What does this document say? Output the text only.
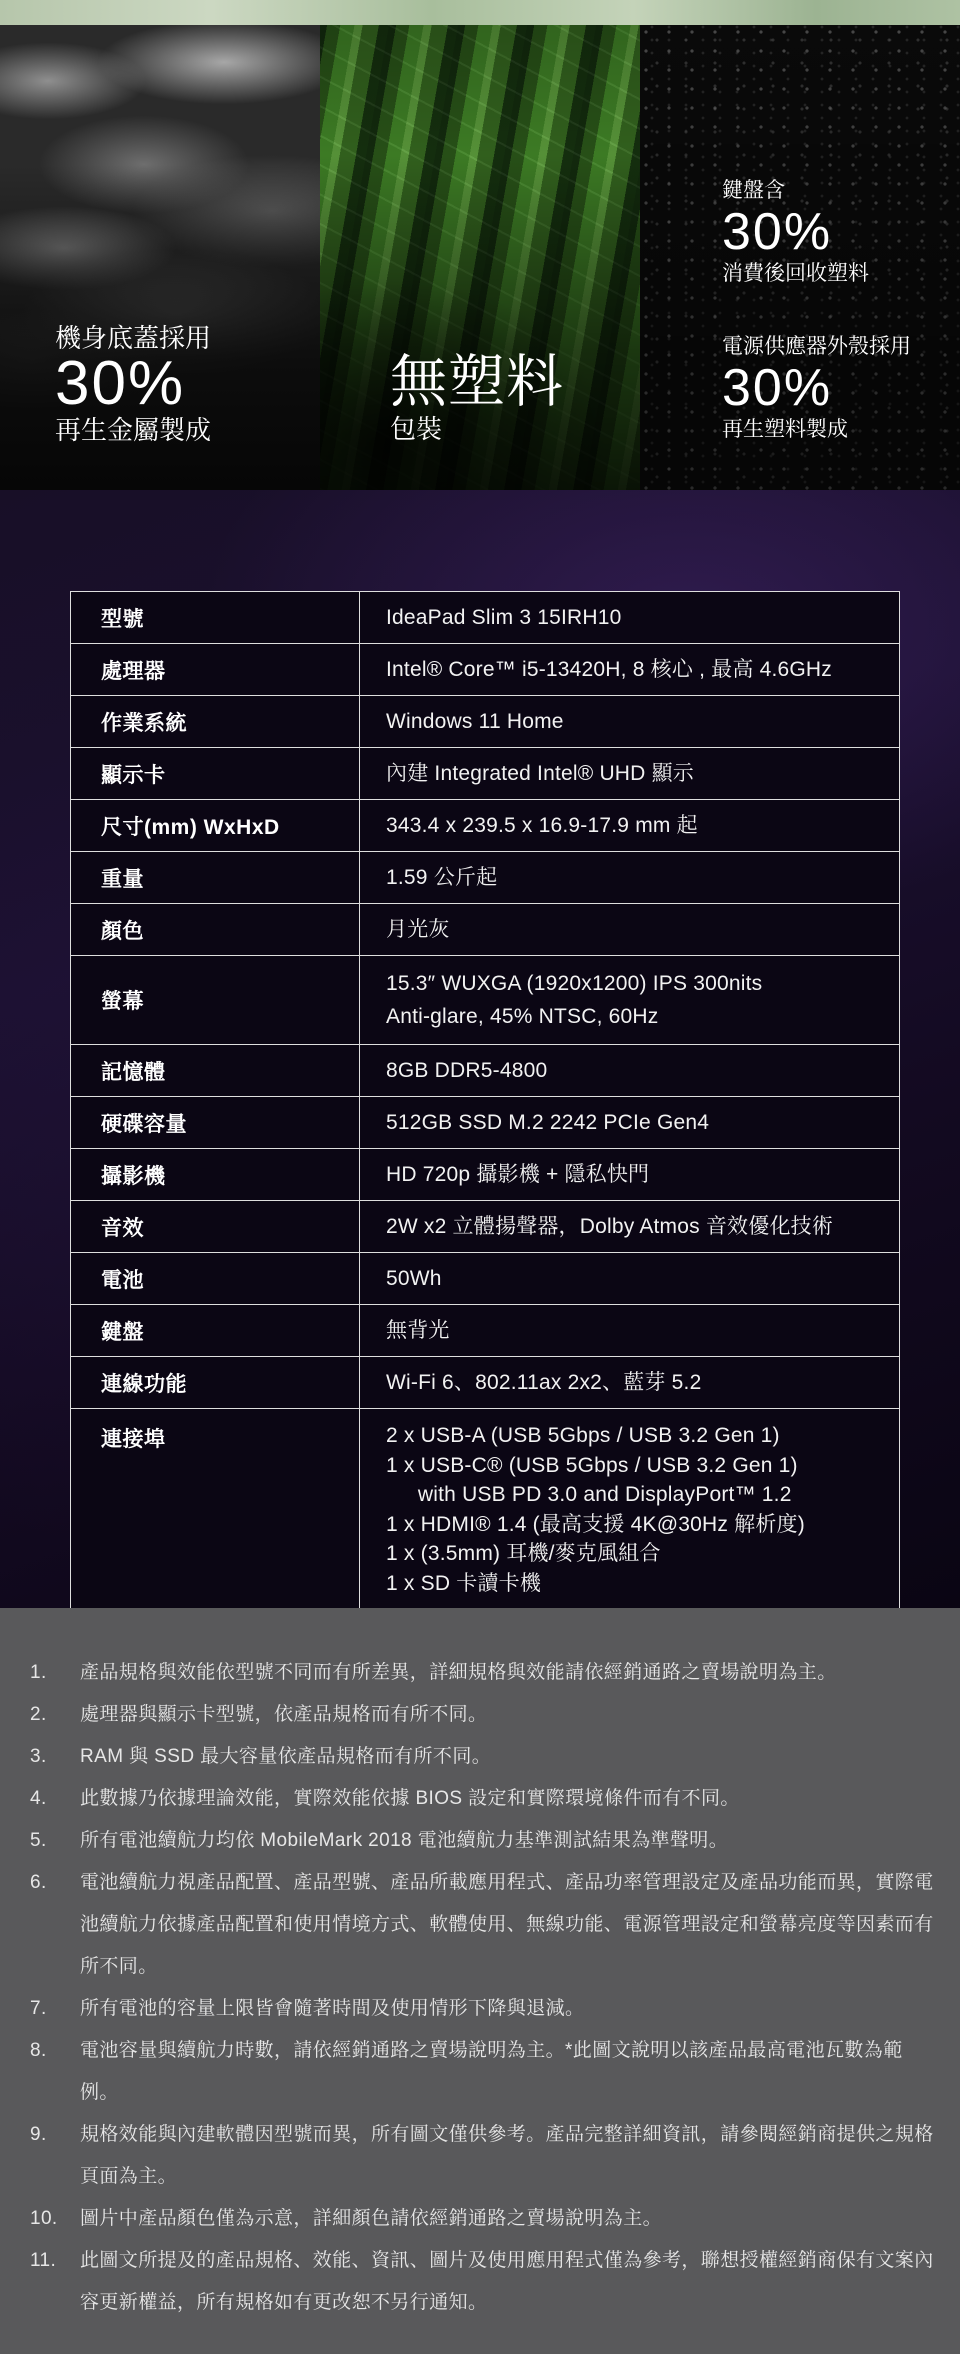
機身底蓋採用
30%
再生金屬製成
無塑料
包裝
鍵盤含
30%
消費後回收塑料
電源供應器外殼採用
30%
再生塑料製成
型號	IdeaPad Slim 3 15IRH10

處理器	Intel® Core™ i5-13420H, 8 核心 , 最高 4.6GHz

作業系統	Windows 11 Home

顯示卡	內建 Integrated Intel® UHD 顯示

尺寸(mm) WxHxD	343.4 x 239.5 x 16.9-17.9 mm 起

重量	1.59 公斤起

顏色	月光灰

螢幕	15.3″ WUXGA (1920x1200) IPS 300nits
Anti-glare, 45% NTSC, 60Hz

記憶體	8GB DDR5-4800

硬碟容量	512GB SSD M.2 2242 PCIe Gen4

攝影機	HD 720p 攝影機 + 隱私快門

音效	2W x2 立體揚聲器，Dolby Atmos 音效優化技術

電池	50Wh

鍵盤	無背光

連線功能	Wi-Fi 6、802.11ax 2x2、藍芽 5.2

連接埠	2 x USB-A (USB 5Gbps / USB 3.2 Gen 1)
1 x USB-C® (USB 5Gbps / USB 3.2 Gen 1)
  with USB PD 3.0 and DisplayPort™ 1.2
1 x HDMI® 1.4 (最高支援 4K@30Hz 解析度)
1 x (3.5mm) 耳機/麥克風組合
1 x SD 卡讀卡機
1.	產品規格與效能依型號不同而有所差異，詳細規格與效能請依經銷通路之賣場說明為主。
2.	處理器與顯示卡型號，依產品規格而有所不同。
3.	RAM 與 SSD 最大容量依產品規格而有所不同。
4.	此數據乃依據理論效能，實際效能依據 BIOS 設定和實際環境條件而有不同。
5.	所有電池續航力均依 MobileMark 2018 電池續航力基準測試結果為準聲明。
6.	電池續航力視產品配置、產品型號、產品所載應用程式、產品功率管理設定及產品功能而異，實際電池續航力依據產品配置和使用情境方式、軟體使用、無線功能、電源管理設定和螢幕亮度等因素而有所不同。
7.	所有電池的容量上限皆會隨著時間及使用情形下降與退減。
8.	電池容量與續航力時數，請依經銷通路之賣場說明為主。*此圖文說明以該產品最高電池瓦數為範例。
9.	規格效能與內建軟體因型號而異，所有圖文僅供參考。產品完整詳細資訊，請參閱經銷商提供之規格頁面為主。
10.	圖片中產品顏色僅為示意，詳細顏色請依經銷通路之賣場說明為主。
11.	此圖文所提及的產品規格、效能、資訊、圖片及使用應用程式僅為參考，聯想授權經銷商保有文案內容更新權益，所有規格如有更改恕不另行通知。
